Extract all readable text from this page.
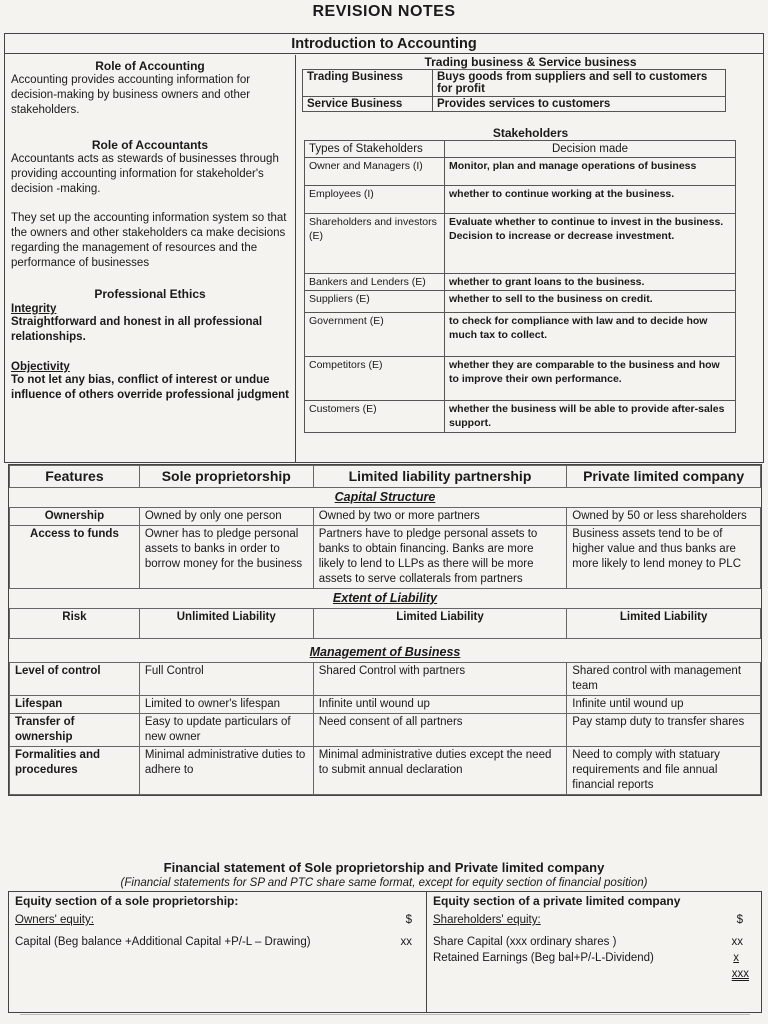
REVISION NOTES
Introduction to Accounting
Role of Accounting
Accounting provides accounting information for decision-making by business owners and other stakeholders.
Role of Accountants
Accountants acts as stewards of businesses through providing accounting information for stakeholder's decision -making.
They set up the accounting information system so that the owners and other stakeholders ca make decisions regarding the management of resources and the performance of businesses
Professional Ethics
Integrity
Straightforward and honest in all professional relationships.
Objectivity
To not let any bias, conflict of interest or undue influence of others override professional judgment
Trading business & Service business
Trading Business	Buys goods from suppliers and sell to customers for profit
Service Business	Provides services to customers
Stakeholders
Types of Stakeholders	Decision made
Owner and Managers (I)	Monitor, plan and manage operations of business
Employees (I)	whether to continue working at the business.
Shareholders and investors (E)	Evaluate whether to continue to invest in the business. Decision to increase or decrease investment.
Bankers and Lenders (E)	whether to grant loans to the business.
Suppliers (E)	whether to sell to the business on credit.
Government (E)	to check for compliance with law and to decide how much tax to collect.
Competitors (E)	whether they are comparable to the business and how to improve their own performance.
Customers (E)	whether the business will be able to provide after-sales support.
Features	Sole proprietorship	Limited liability partnership	Private limited company
Capital Structure			
Ownership	Owned by only one person	Owned by two or more partners	Owned by 50 or less shareholders
Access to funds	Owner has to pledge personal assets to banks in order to borrow money for the business	Partners have to pledge personal assets to banks to obtain financing. Banks are more likely to lend to LLPs as there will be more assets to serve collaterals from partners	Business assets tend to be of higher value and thus banks are more likely to lend money to PLC
Extent of Liability			
Risk	Unlimited Liability	Limited Liability	Limited Liability
Management of Business			
Level of control	Full Control	Shared Control with partners	Shared control with management team
Lifespan	Limited to owner's lifespan	Infinite until wound up	Infinite until wound up
Transfer of ownership	Easy to update particulars of new owner	Need consent of all partners	Pay stamp duty to transfer shares
Formalities and procedures	Minimal administrative duties to adhere to	Minimal administrative duties except the need to submit annual declaration	Need to comply with statuary requirements and file annual financial reports
Financial statement of Sole proprietorship and Private limited company
(Financial statements for SP and PTC share same format, except for equity section of financial position)
Equity section of a sole proprietorship:
Owners' equity:	$
Capital (Beg balance +Additional Capital +P/-L – Drawing)	xx
Equity section of a private limited company
Shareholders' equity:	$
Share Capital (xxx ordinary shares )	xx
Retained Earnings (Beg bal+P/-L-Dividend)	x
xxx
